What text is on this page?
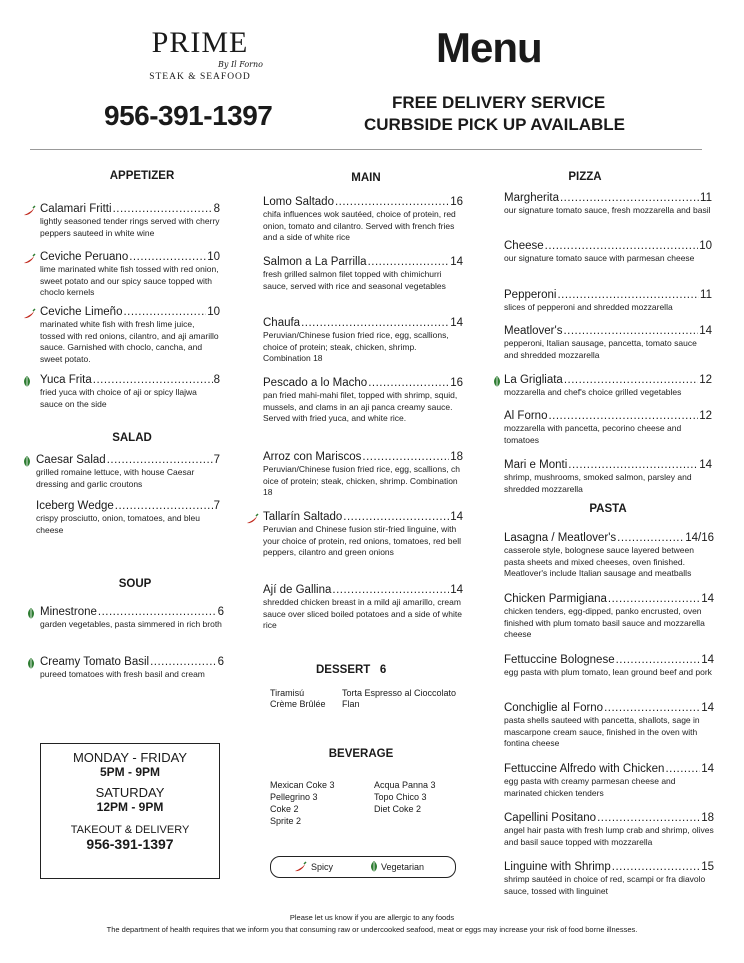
PRIME
By Il Forno
STEAK & SEAFOOD
956-391-1397
Menu
FREE DELIVERY SERVICE
CURBSIDE PICK UP AVAILABLE
APPETIZER
SALAD
SOUP
MAIN	PIZZA
PASTA
DESSERT 6
BEVERAGE
Calamari Fritti .....	8
lightly seasoned tender rings served with cherry peppers sauteed in white wine
Ceviche Peruano .....	10
lime marinated white fish tossed with red onion, sweet potato and our spicy sauce topped with choclo kernels
Ceviche Limeño .....	10
marinated white fish with fresh lime juice, tossed with red onions, cilantro, and aji amarillo sauce. Garnished with choclo, cancha, and sweet potato.
Yuca Frita .....	8
fried yuca with choice of aji or spicy llajwa sauce on the side
Caesar Salad .....	7
grilled romaine lettuce, with house Caesar dressing and garlic croutons
Iceberg Wedge .....	7
crispy prosciutto, onion, tomatoes, and bleu cheese
Minestrone .....	6
garden vegetables, pasta simmered in rich broth
Creamy Tomato Basil .....	6
pureed tomatoes with fresh basil and cream
Lomo Saltado .....	16
chifa influences wok sautéed, choice of protein, red onion, tomato and cilantro. Served with french fries and a side of white rice
Salmon a La Parrilla .....	14
fresh grilled salmon filet topped with chimichurri sauce, served with rice and seasonal vegetables
Chaufa .....	14
Peruvian/Chinese fusion fried rice, egg, scallions, choice of protein; steak, chicken, shrimp. Combination 18
Pescado a lo Macho .....	16
pan fried mahi-mahi filet, topped with shrimp, squid, mussels, and clams in an aji panca creamy sauce. Served with fried yuca, and white rice.
Arroz con Mariscos .....	18
Peruvian/Chinese fusion fried rice, egg, scallions, ch oice of protein; steak, chicken, shrimp. Combination 18
Tallarín Saltado .....	14
Peruvian and Chinese fusion stir-fried linguine, with your choice of protein, red onions, tomatoes, red bell peppers, cilantro and green onions
Ají de Gallina .....	14
shredded chicken breast in a mild aji amarillo, cream sauce over sliced boiled potatoes and a side of white rice
Margherita .....	11
our signature tomato sauce, fresh mozzarella and basil
Cheese .....	10
our signature tomato sauce with parmesan cheese
Pepperoni .....	11
slices of pepperoni and shredded mozzarella
Meatlover's .....	14
pepperoni, Italian sausage, pancetta, tomato sauce and shredded mozzarella
La Grigliata .....	12
mozzarella and chef's choice grilled vegetables
Al Forno .....	12
mozzarella with pancetta, pecorino cheese and tomatoes
Mari e Monti .....	14
shrimp, mushrooms, smoked salmon, parsley and shredded mozzarella
Lasagna / Meatlover's .....	14/16
casserole style, bolognese sauce layered between pasta sheets and mixed cheeses, oven finished. Meatlover's include Italian sausage and meatballs
Chicken Parmigiana .....	14
chicken tenders, egg-dipped, panko encrusted, oven finished with plum tomato basil sauce and mozzarella cheese
Fettuccine Bolognese .....	14
egg pasta with plum tomato, lean ground beef and pork
Conchiglie al Forno .....	14
pasta shells sauteed with pancetta, shallots, sage in mascarpone cream sauce, finished in the oven with fontina cheese
Fettuccine Alfredo with Chicken .....	14
egg pasta with creamy parmesan cheese and marinated chicken tenders
Capellini Positano .....	18
angel hair pasta with fresh lump crab and shrimp, olives and basil sauce topped with mozzarella
Linguine with Shrimp .....	15
shrimp sautéed in choice of red, scampi or fra diavolo sauce, tossed with linguinet
Tiramisú	Torta Espresso al Cioccolato
Crème Brûlée Flan
Mexican Coke 3	Acqua Panna 3
Pellegrino 3	Topo Chico 3
Coke 2	Diet Coke 2
Sprite 2
MONDAY - FRIDAY
5PM - 9PM
SATURDAY
12PM - 9PM
TAKEOUT & DELIVERY
956-391-1397
Spicy	Vegetarian
Please let us know if you are allergic to any foods
The department of health requires that we inform you that consuming raw or undercooked seafood, meat or eggs may increase your risk of food borne illnesses.
